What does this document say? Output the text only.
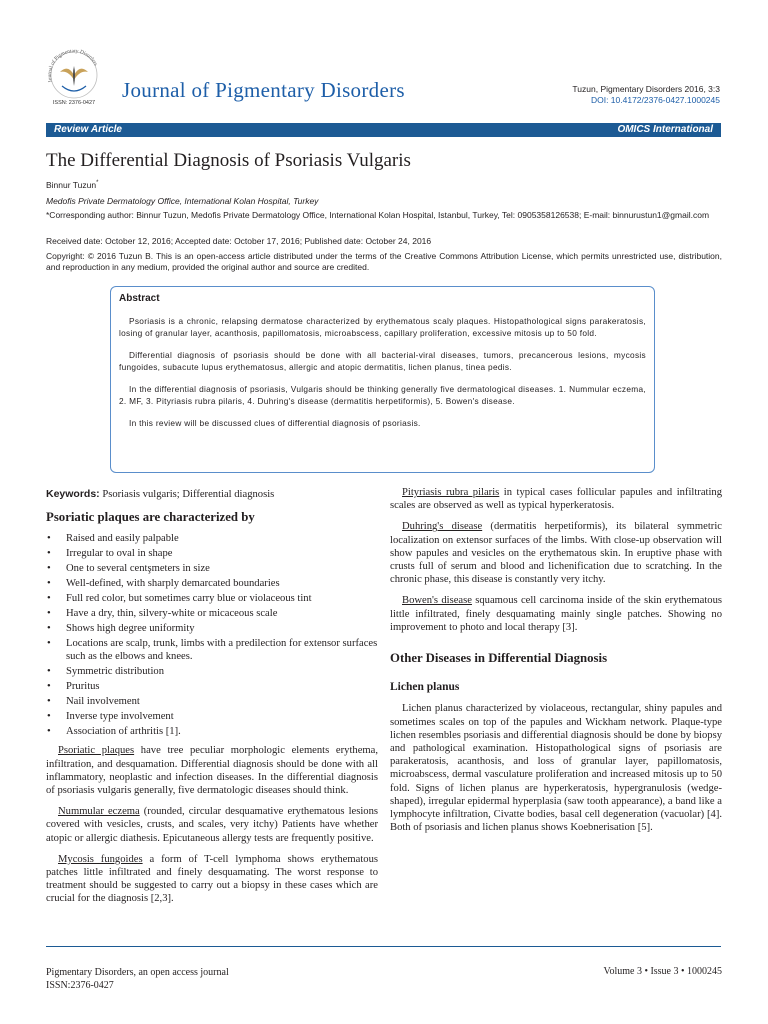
Journal of Pigmentary Disorders
ISSN: 2376-0427
Journal of Pigmentary Disorders	Tuzun, Pigmentary Disorders 2016, 3:3
DOI: 10.4172/2376-0427.1000245
Review Article	OMICS International
The Differential Diagnosis of Psoriasis Vulgaris
Binnur Tuzun*
Medofis Private Dermatology Office, International Kolan Hospital, Turkey
*Corresponding author: Binnur Tuzun, Medofis Private Dermatology Office, International Kolan Hospital, Istanbul, Turkey, Tel: 0905358126538; E-mail: binnurustun1@gmail.com
Received date: October 12, 2016; Accepted date: October 17, 2016; Published date: October 24, 2016
Copyright: © 2016 Tuzun B. This is an open-access article distributed under the terms of the Creative Commons Attribution License, which permits unrestricted use, distribution, and reproduction in any medium, provided the original author and source are credited.
Abstract

Psoriasis is a chronic, relapsing dermatose characterized by erythematous scaly plaques. Histopathological signs parakeratosis, losing of granular layer, acanthosis, papillomatosis, microabscess, capillary proliferation, excessive mitosis up to 50 fold.

Differential diagnosis of psoriasis should be done with all bacterial-viral diseases, tumors, precancerous lesions, mycosis fungoides, subacute lupus erythematosus, allergic and atopic dermatitis, lichen planus, tinea pedis.

In the differential diagnosis of psoriasis, Vulgaris should be thinking generally five dermatological diseases. 1. Nummular eczema, 2. MF, 3. Pityriasis rubra pilaris, 4. Duhring's disease (dermatitis herpetiformis), 5. Bowen's disease.

In this review will be discussed clues of differential diagnosis of psoriasis.

Keywords: Psoriasis vulgaris; Differential diagnosis
Psoriatic plaques are characterized by
• Raised and easily palpable
• Irregular to oval in shape
• One to several centşmeters in size
• Well-defined, with sharply demarcated boundaries
• Full red color, but sometimes carry blue or violaceous tint
• Have a dry, thin, silvery-white or micaceous scale
• Shows high degree uniformity
• Locations are scalp, trunk, limbs with a predilection for extensor surfaces such as the elbows and knees.
• Symmetric distribution
• Pruritus
• Nail involvement
• Inverse type involvement
• Association of arthritis [1].

Psoriatic plaques have tree peculiar morphologic elements erythema, infiltration, and desquamation. Differential diagnosis should be done with all inflammatory, neoplastic and infection diseases. In the differential diagnosis of psoriasis vulgaris generally, five dermatologic diseases should think.

Nummular eczema (rounded, circular desquamative erythematous lesions covered with vesicles, crusts, and scales, very itchy) Patients have whether atopic or allergic diathesis. Epicutaneous allergy tests are frequently positive.

Mycosis fungoides a form of T-cell lymphoma shows erythematous patches little infiltrated and finely desquamating. The worst response to treatment should be suggested to carry out a biopsy in these cases which are crucial for the diagnosis [2,3].

Pityriasis rubra pilaris in typical cases follicular papules and infiltrating scales are observed as well as typical hyperkeratosis.

Duhring's disease (dermatitis herpetiformis), its bilateral symmetric localization on extensor surfaces of the limbs. With close-up observation will show papules and vesicles on the erythematous skin. In eruptive phase with crusts full of serum and blood and lichenification due to scratching. In the chronic phase, this disease is constantly very itchy.

Bowen's disease squamous cell carcinoma inside of the skin erythematous little infiltrated, finely desquamating mainly single patches. Showing no improvement to photo and local therapy [3].

Other Diseases in Differential Diagnosis
Lichen planus

Lichen planus characterized by violaceous, rectangular, shiny papules and sometimes scales on top of the papules and Wickham network. Plaque-type lichen resembles psoriasis and differential diagnosis should be done by biopsy and pathological examination. Histopathological signs of psoriasis are parakeratosis, acanthosis, and loss of granular layer, papillomatosis, microabscess, dermal vasculature proliferation and increased mitosis up to 50 fold. Signs of lichen planus are hyperkeratosis, hypergranulosis (wedge-shaped), irregular epidermal hyperplasia (saw tooth appearance), a band like a lymphocyte infiltration, Civatte bodies, basal cell degeneration (vacuolar) [4]. Both of psoriasis and lichen planus shows Koebnerisation [5].

Pigmentary Disorders, an open access journal
ISSN:2376-0427
Volume 3 • Issue 3 • 1000245
